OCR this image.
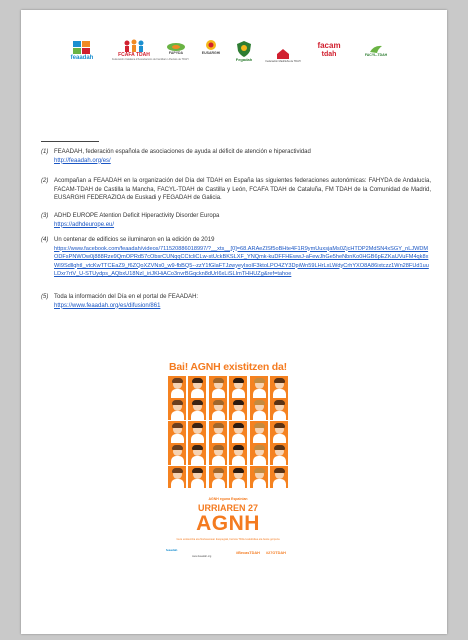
feaadah	FCAFA TDAH
Federación Catalana d'Associacions de Familiars i Afectats de TDAH
FAPYDA	EUSARGHI
Fegadah	Federación Madrileña de TDAH
facam
tdah	FACYL-TDAH
(1) FEAADAH, federación española de asociaciones de ayuda al déficit de atención e hiperactividad
http://feaadah.org/es/
(2) Acompañan a FEAADAH en la organización del Día del TDAH en España las siguientes federaciones autonómicas: FAHYDA de Andalucía, FACAM-TDAH de Castilla la Mancha, FACYL-TDAH de Castilla y León, FCAFA TDAH de Cataluña, FM TDAH de la Comunidad de Madrid, EUSARGHI FEDERAZIOA de Euskadi y FEGADAH de Galicia.
(3) ADHD EUROPE Atention Deficit Hiperactivity Disorder Europa
https://adhdeurope.eu/
(4) Un centenar de edificios se iluminaron en la edición de 2019
https://www.facebook.com/feaadah/videos/711520886018997/?__xts__[0]=68.ARAeZlSf5oBHte4F1R9ymUuxsjaMs0ZjcHTDP2MdSN4xSGY_nLJWDMODFsPNWOw0j888Rze9QmOPRd57cObsrCUNqqCCtcliCLw-stUckBKSLXF_YNQmk-kuDFFHEwwJ-aFewJhGe5heNbnKo0HGB6pEZKaUVuFM4qk8xWI9SdllqhtI_vtcKwTTCEaZ9_f6ZQoXZVNs0_w9-fbBQ5--zzY1fGlaFTJzwyeyIsoIF3ktoLPO4ZY3DpiWn59LHrLxLWdyCrhYXO8A86ixtczz1Wn28FUd1uuLDxr7rtV_U-STUydps_AQbxU18NzI_iriJKHiACo3nvrBGqckn8dUrI6xLiSLImTHHUZg&ref=tahoe
(5) Toda la información del Día en el portal de FEAADAH:
https://www.feaadah.org/es/difusion/861
Bai! AGNH existitzen da!
AGNH eguna Espainian
URRIAREN 27
AGNH
Gure existentzia eta Nortasunean ikuspegiak, berreta TDAH eskubidea eta beste gorpuza
feaadah
www.feaadah.org
#BecasTDAH #27OTDAH
